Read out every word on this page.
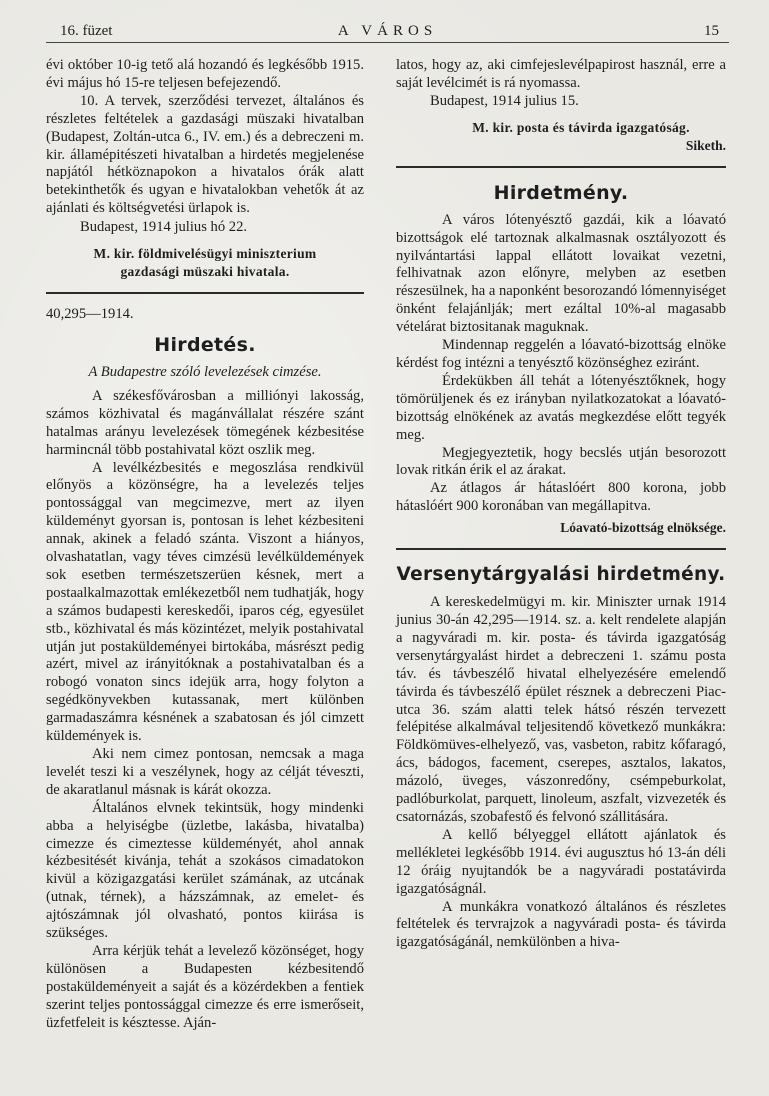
16. füzet	A VÁROS	15

évi október 10-ig tető alá hozandó és legkésőbb 1915. évi május hó 15-re teljesen befejezendő.

10. A tervek, szerződési tervezet, általános és részletes feltételek a gazdasági müszaki hivatalban (Budapest, Zoltán-utca 6., IV. em.) és a debreczeni m. kir. államépitészeti hivatalban a hirdetés megjelenése napjától hétköznapokon a hivatalos órák alatt betekinthetők és ugyan e hivatalokban vehetők át az ajánlati és költségvetési ürlapok is.

Budapest, 1914 julius hó 22.

M. kir. földmivelésügyi miniszterium

gazdasági müszaki hivatala.

40,295—1914.

Hirdetés.

A Budapestre szóló levelezések cimzése.

A székesfővárosban a milliónyi lakosság, számos közhivatal és magánvállalat részére szánt hatalmas arányu levelezések tömegének kézbesitése harmincnál több postahivatal közt oszlik meg.

A levélkézbesités e megoszlása rendkivül előnyös a közönségre, ha a levelezés teljes pontossággal van megcimezve, mert az ilyen küldeményt gyorsan is, pontosan is lehet kézbesiteni annak, akinek a feladó szánta. Viszont a hiányos, olvashatatlan, vagy téves cimzésü levélküldemények sok esetben természetszerüen késnek, mert a postaalkalmazottak emlékezetből nem tudhatják, hogy a számos budapesti kereskedői, iparos cég, egyesület stb., közhivatal és más közintézet, melyik postahivatal utján jut postaküldeményei birtokába, másrészt pedig azért, mivel az irányitóknak a postahivatalban és a robogó vonaton sincs idejük arra, hogy folyton a segédkönyvekben kutassanak, mert különben garmadaszámra késnének a szabatosan és jól cimzett küldemények is.

Aki nem cimez pontosan, nemcsak a maga levelét teszi ki a veszélynek, hogy az célját téveszti, de akaratlanul másnak is kárát okozza.

Általános elvnek tekintsük, hogy mindenki abba a helyiségbe (üzletbe, lakásba, hivatalba) cimezze és cimeztesse küldeményét, ahol annak kézbesitését kivánja, tehát a szokásos cimadatokon kivül a közigazgatási kerület számának, az utcának (utnak, térnek), a házszámnak, az emelet- és ajtószámnak jól olvasható, pontos kiirása is szükséges.

Arra kérjük tehát a levelező közönséget, hogy különösen a Budapesten kézbesitendő postaküldeményeit a saját és a közérdekben a fentiek szerint teljes pontossággal cimezze és erre ismerőseit, üzfetfeleit is késztesse. Aján-

latos, hogy az, aki cimfejeslevélpapirost használ, erre a saját levélcimét is rá nyomassa.

Budapest, 1914 julius 15.

M. kir. posta és távirda igazgatóság.

Siketh.

Hirdetmény.

A város lótenyésztő gazdái, kik a lóavató bizottságok elé tartoznak alkalmasnak osztályozott és nyilvántartási lappal ellátott lovaikat vezetni, felhivatnak azon előnyre, melyben az esetben részesülnek, ha a naponként besorozandó lómennyiséget önként felajánlják; mert ezáltal 10%-al magasabb vételárat biztositanak maguknak.

Mindennap reggelén a lóavató-bizottság elnöke kérdést fog intézni a tenyésztő közönséghez eziránt.

Érdekükben áll tehát a lótenyésztőknek, hogy tömörüljenek és ez irányban nyilatkozatokat a lóavató-bizottság elnökének az avatás megkezdése előtt tegyék meg.

Megjegyeztetik, hogy becslés utján besorozott lovak ritkán érik el az árakat.

Az átlagos ár hátaslóért 800 korona, jobb hátaslóért 900 koronában van megállapitva.

Lóavató-bizottság elnöksége.

Versenytárgyalási hirdetmény.

A kereskedelmügyi m. kir. Miniszter urnak 1914 junius 30-án 42,295—1914. sz. a. kelt rendelete alapján a nagyváradi m. kir. posta- és távirda igazgatóság versenytárgyalást hirdet a debreczeni 1. számu posta táv. és távbeszélő hivatal elhelyezésére emelendő távirda és távbeszélő épület résznek a debreczeni Piac-utca 36. szám alatti telek hátsó részén tervezett felépitése alkalmával teljesitendő következő munkákra: Földkömüves-elhelyező, vas, vasbeton, rabitz kőfaragó, ács, bádogos, facement, cserepes, asztalos, lakatos, mázoló, üveges, vászonredőny, csémpeburkolat, padlóburkolat, parquett, linoleum, aszfalt, vizvezeték és csatornázás, szobafestő és felvonó szállitására.

A kellő bélyeggel ellátott ajánlatok és mellékletei legkésőbb 1914. évi augusztus hó 13-án déli 12 óráig nyujtandók be a nagyváradi postatávirda igazgatóságnál.

A munkákra vonatkozó általános és részletes feltételek és tervrajzok a nagyváradi posta- és távirda igazgatóságánál, nemkülönben a hiva-
